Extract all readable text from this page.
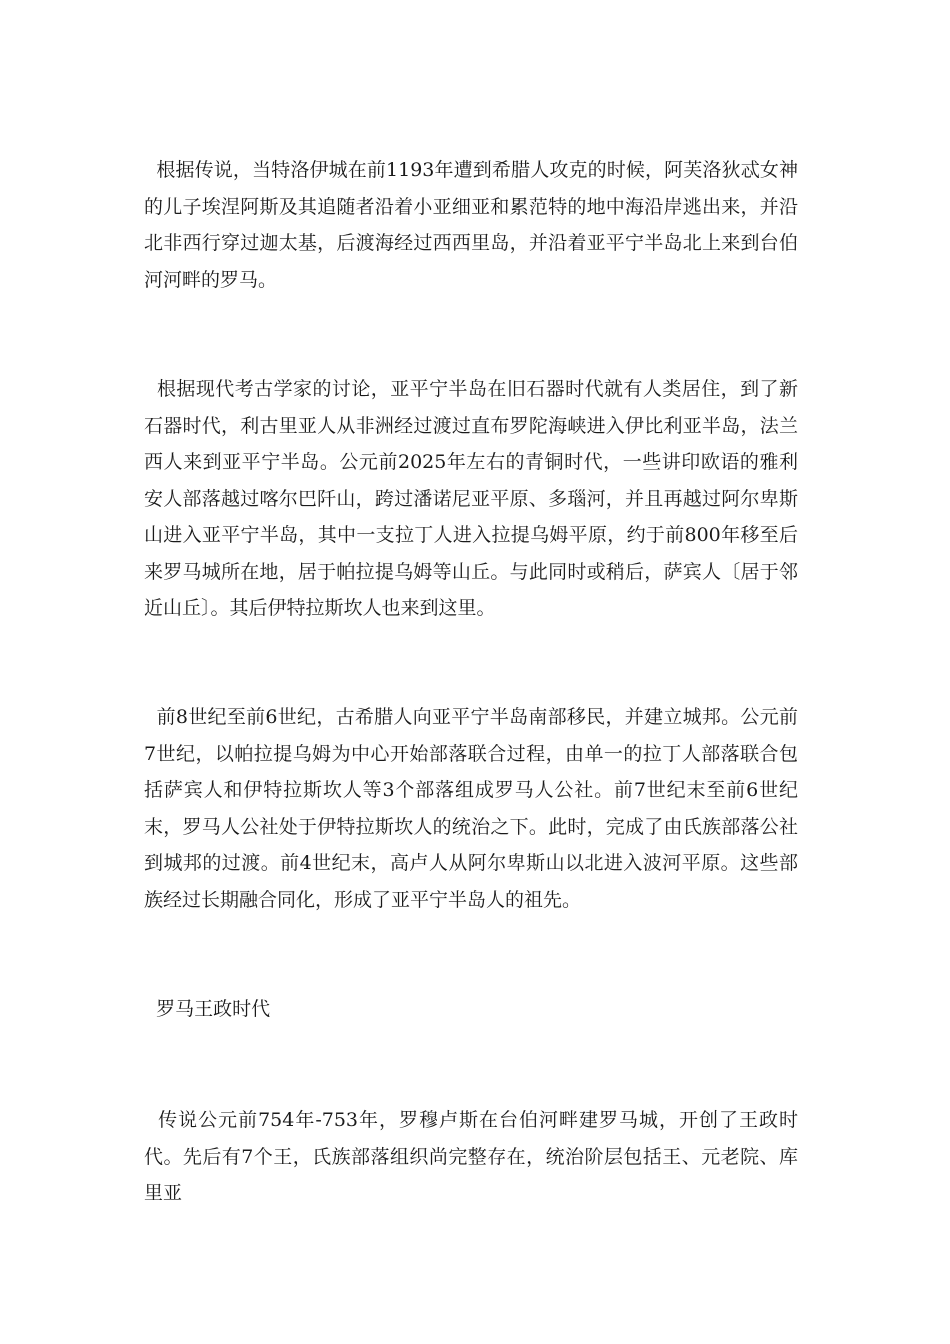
根据传说，当特洛伊城在前1193年遭到希腊人攻克的时候，阿芙洛狄忒女神的儿子埃涅阿斯及其追随者沿着小亚细亚和累范特的地中海沿岸逃出来，并沿北非西行穿过迦太基，后渡海经过西西里岛，并沿着亚平宁半岛北上来到台伯河河畔的罗马。

根据现代考古学家的讨论，亚平宁半岛在旧石器时代就有人类居住，到了新石器时代，利古里亚人从非洲经过渡过直布罗陀海峡进入伊比利亚半岛，法兰西人来到亚平宁半岛。公元前2025年左右的青铜时代，一些讲印欧语的雅利安人部落越过喀尔巴阡山，跨过潘诺尼亚平原、多瑙河，并且再越过阿尔卑斯山进入亚平宁半岛，其中一支拉丁人进入拉提乌姆平原，约于前800年移至后来罗马城所在地，居于帕拉提乌姆等山丘。与此同时或稍后，萨宾人〔居于邻近山丘〕。其后伊特拉斯坎人也来到这里。

前8世纪至前6世纪，古希腊人向亚平宁半岛南部移民，并建立城邦。公元前7世纪，以帕拉提乌姆为中心开始部落联合过程，由单一的拉丁人部落联合包括萨宾人和伊特拉斯坎人等3个部落组成罗马人公社。前7世纪末至前6世纪末，罗马人公社处于伊特拉斯坎人的统治之下。此时，完成了由氏族部落公社到城邦的过渡。前4世纪末，高卢人从阿尔卑斯山以北进入波河平原。这些部族经过长期融合同化，形成了亚平宁半岛人的祖先。

罗马王政时代

传说公元前754年-753年，罗穆卢斯在台伯河畔建罗马城，开创了王政时代。先后有7个王，氏族部落组织尚完整存在，统治阶层包括王、元老院、库里亚
